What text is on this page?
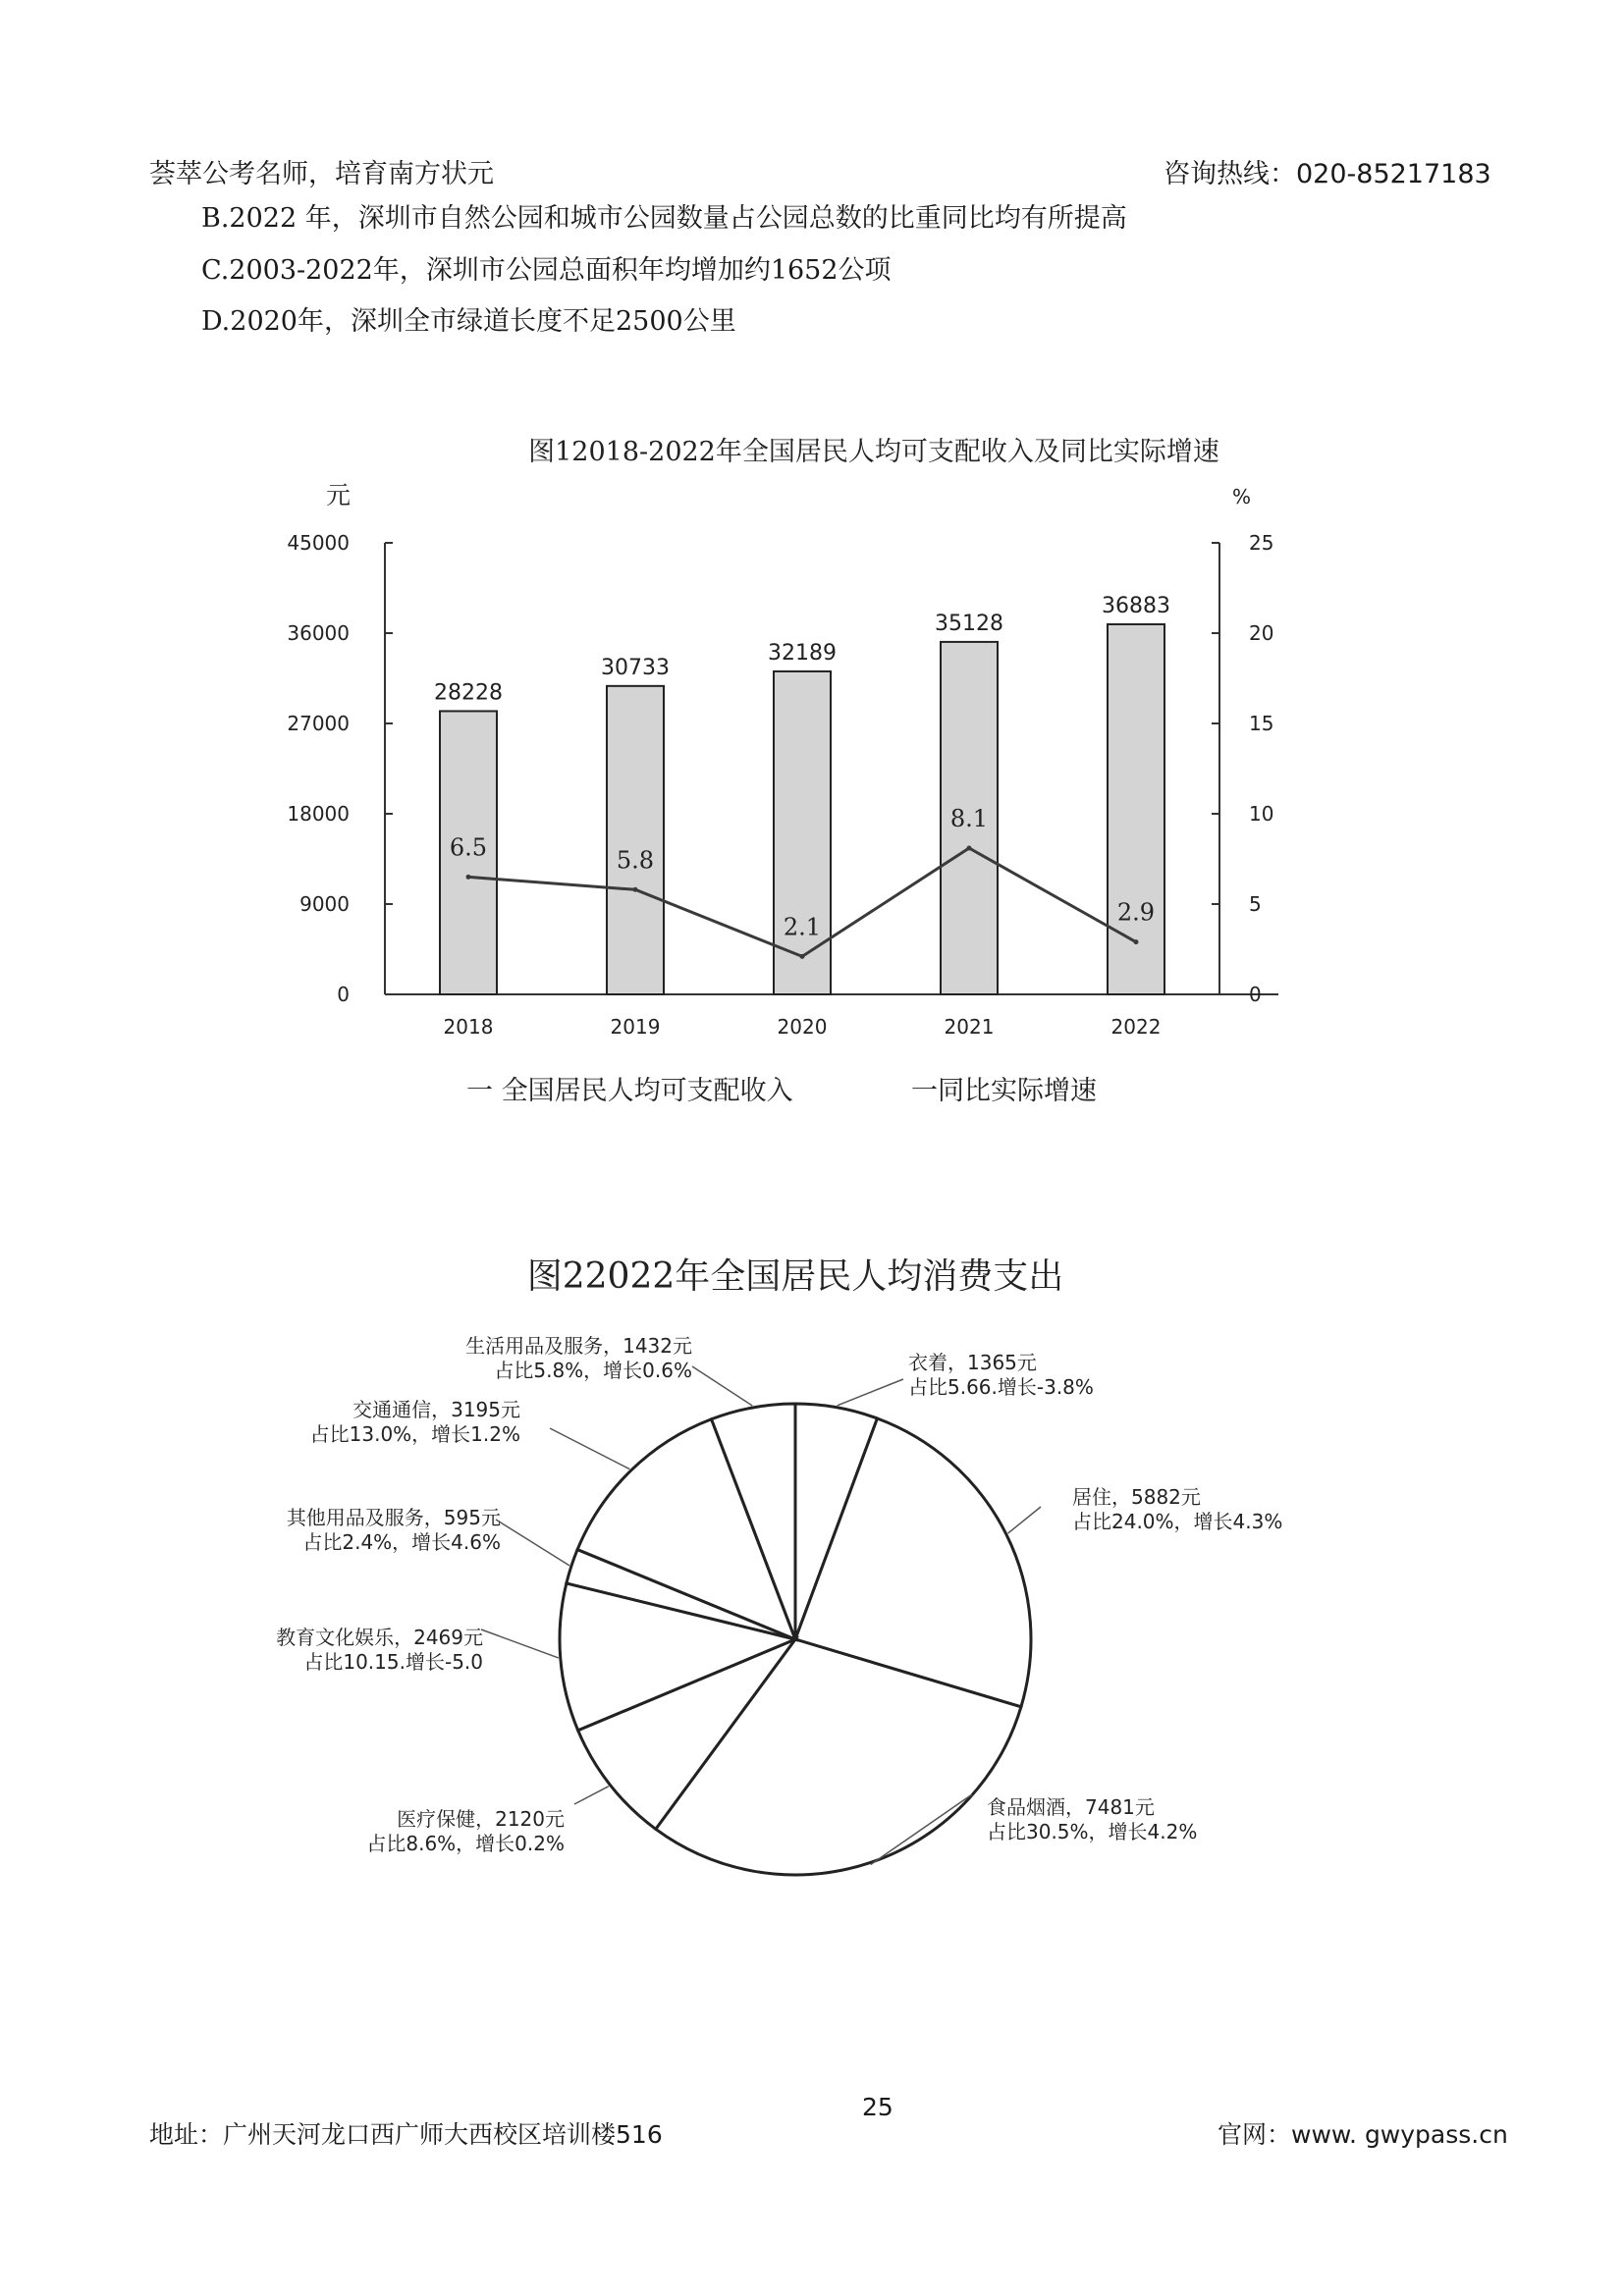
荟萃公考名师，培育南方状元	咨询热线：020-85217183
B.2022 年，深圳市自然公园和城市公园数量占公园总数的比重同比均有所提高
C.2003-2022年，深圳市公园总面积年均增加约1652公项
D.2020年，深圳全市绿道长度不足2500公里
图12018-2022年全国居民人均可支配收入及同比实际增速
元	%
0
9000
18000
27000
36000
45000
0
5
10
15
20
25
28228
2018
30733
2019
32189
2020
35128
2021
36883
2022
6.5	5.8
2.1
8.1
2.9
一 全国居民人均可支配收入	一同比实际增速
图22022年全国居民人均消费支出
衣着，1365元
占比5.66.增长-3.8%
居住，5882元
占比24.0%，增长4.3%
食品烟酒，7481元
占比30.5%，增长4.2%
医疗保健，2120元
占比8.6%，增长0.2%
教育文化娱乐，2469元
占比10.15.增长-5.0
其他用品及服务，595元
占比2.4%，增长4.6%
交通通信，3195元
占比13.0%，增长1.2%
生活用品及服务，1432元
占比5.8%，增长0.6%
25
地址：广州天河龙口西广师大西校区培训楼516	官网：www. gwypass.cn
